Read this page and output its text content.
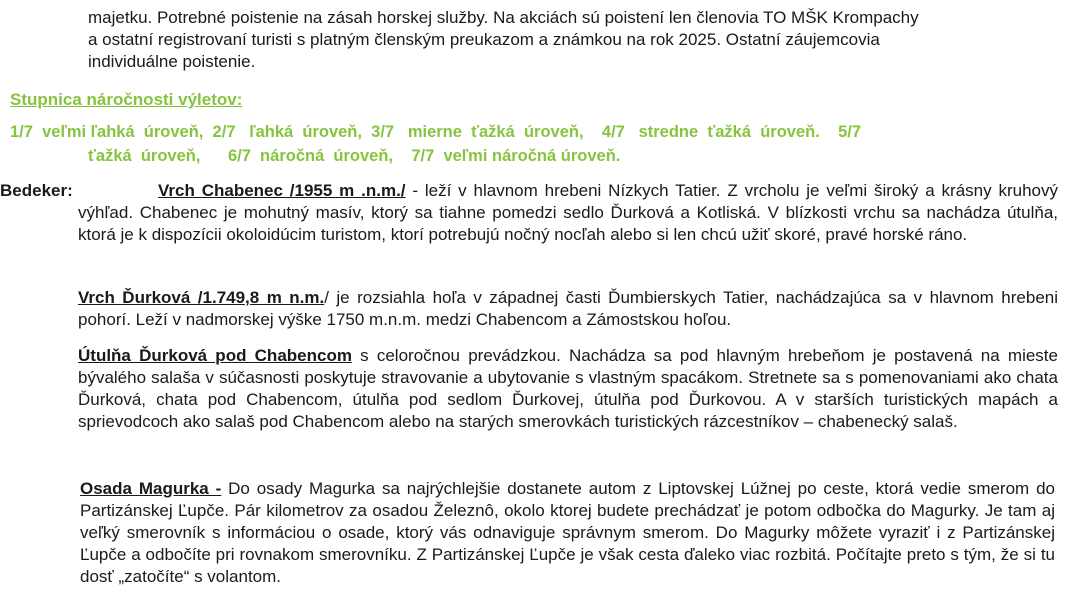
majetku. Potrebné poistenie na zásah horskej služby. Na akciách sú poistení len členovia TO MŠK Krompachy
a ostatní registrovaní turisti s platným členským preukazom a známkou na rok 2025. Ostatní záujemcovia
individuálne poistenie.
Stupnica náročnosti výletov:
1/7  veľmi ľahká  úroveň,  2/7   ľahká  úroveň,  3/7   mierne  ťažká  úroveň,    4/7   stredne  ťažká  úroveň.    5/7
ťažká  úroveň,      6/7  náročná  úroveň,    7/7  veľmi náročná úroveň.
Bedeker:	Vrch Chabenec /1955 m .n.m./ - leží v hlavnom hrebeni Nízkych Tatier. Z vrcholu je veľmi široký a krásny kruhový výhľad. Chabenec je mohutný masív, ktorý sa tiahne pomedzi sedlo Ďurková a Kotliská. V blízkosti vrchu sa nachádza útulňa, ktorá je k dispozícii okoloidúcim turistom, ktorí potrebujú nočný nocľah alebo si len chcú užiť skoré, pravé horské ráno.
Vrch Ďurková /1.749,8 m n.m./ je rozsiahla hoľa v západnej časti Ďumbierskych Tatier, nachádzajúca sa v hlavnom hrebeni pohorí. Leží v nadmorskej výške 1750 m.n.m. medzi Chabencom a Zámostskou hoľou.
Útulňa Ďurková pod Chabencom s celoročnou prevádzkou. Nachádza sa pod hlavným hrebeňom je postavená na mieste bývalého salaša v súčasnosti poskytuje stravovanie a ubytovanie s vlastným spacákom. Stretnete sa s pomenovaniami ako chata Ďurková, chata pod Chabencom, útulňa pod sedlom Ďurkovej, útulňa pod Ďurkovou. A v starších turistických mapách a sprievodcoch ako salaš pod Chabencom alebo na starých smerovkách turistických rázcestníkov – chabenecký salaš.
Osada Magurka - Do osady Magurka sa najrýchlejšie dostanete autom z Liptovskej Lúžnej po ceste, ktorá vedie smerom do Partizánskej Ľupče. Pár kilometrov za osadou Železnô, okolo ktorej budete prechádzať je potom odbočka do Magurky. Je tam aj veľký smerovník s informáciou o osade, ktorý vás odnaviguje správnym smerom. Do Magurky môžete vyraziť i z Partizánskej Ľupče a odbočíte pri rovnakom smerovníku. Z Partizánskej Ľupče je však cesta ďaleko viac rozbitá. Počítajte preto s tým, že si tu dosť „zatočíte“ s volantom.
